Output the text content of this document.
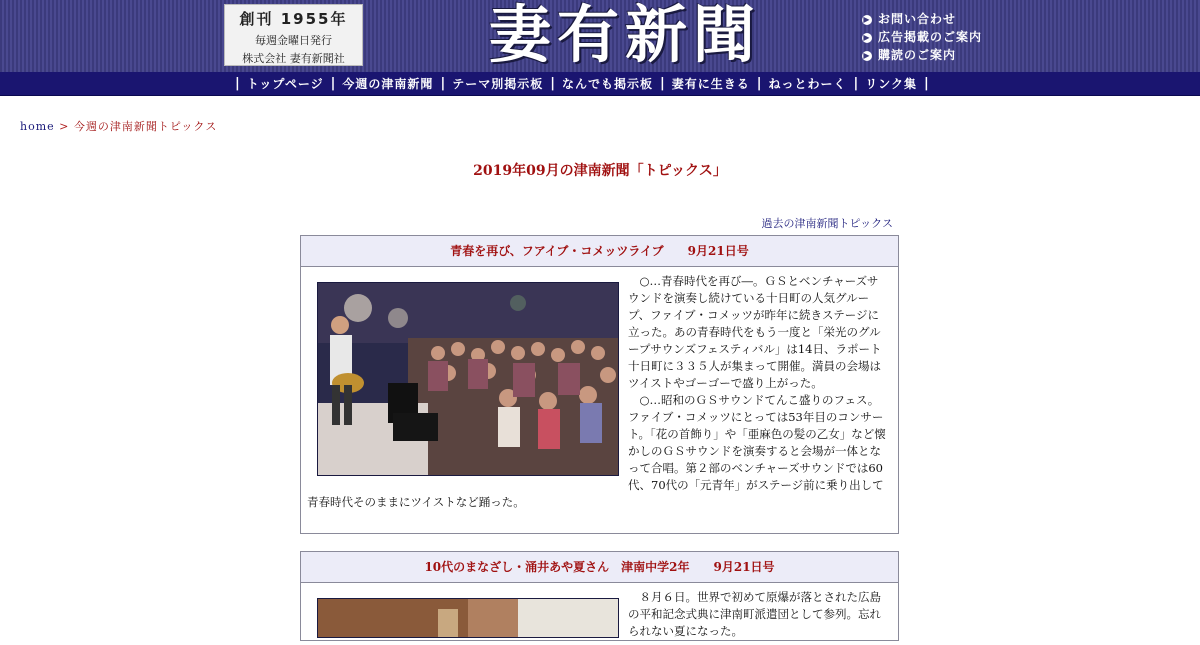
創刊 1955年
毎週金曜日発行
株式会社 妻有新聞社	妻有新聞	▶ お問い合わせ
▶ 広告掲載のご案内
▶ 購読のご案内
| トップページ | 今週の津南新聞 | テーマ別掲示板 | なんでも掲示板 | 妻有に生きる | ねっとわーく | リンク集 |
home > 今週の津南新聞トピックス
2019年09月の津南新聞「トピックス」
過去の津南新聞トピックス
青春を再び、フアイブ・コメッツライブ　　9月21日号

○…青春時代を再び―。ＧＳとベンチャーズサウンドを演奏し続けている十日町の人気グループ、ファイブ・コメッツが昨年に続きステージに立った。あの青春時代をもう一度と「栄光のグループサウンズフェスティバル」は14日、ラポート十日町に３３５人が集まって開催。満員の会場はツイストやゴーゴーで盛り上がった。

○…昭和のＧＳサウンドてんこ盛りのフェス。ファイブ・コメッツにとっては53年目のコンサート。「花の首飾り」や「亜麻色の髪の乙女」など懐かしのＧＳサウンドを演奏すると会場が一体となって合唱。第２部のベンチャーズサウンドでは60代、70代の「元青年」がステージ前に乗り出して青春時代そのままにツイストなど踊った。

10代のまなざし・涌井あや夏さん　津南中学2年　　9月21日号

８月６日。世界で初めて原爆が落とされた広島の平和記念式典に津南町派遣団として参列。忘れられない夏になった。
